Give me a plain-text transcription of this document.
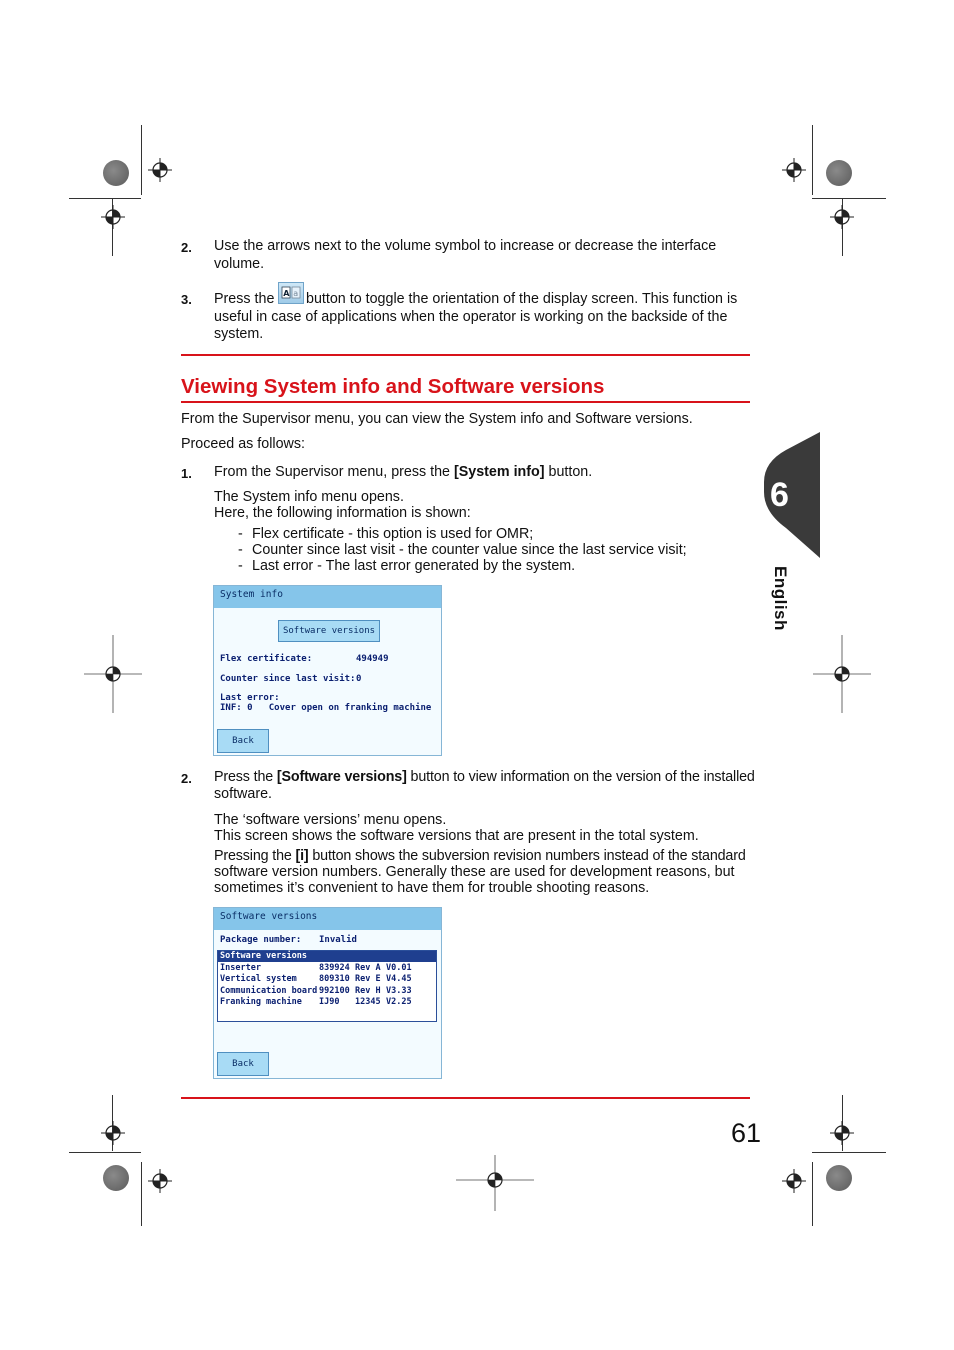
2. Use the arrows next to the volume symbol to increase or decrease the interface
volume.
3. Press the A a button to toggle the orientation of the display screen. This function is
useful in case of applications when the operator is working on the backside of the
system.
Viewing System info and Software versions
From the Supervisor menu, you can view the System info and Software versions.
Proceed as follows:
1. From the Supervisor menu, press the [System info] button.
The System info menu opens.
Here, the following information is shown:
- Flex certificate - this option is used for OMR;
- Counter since last visit - the counter value since the last service visit;
- Last error - The last error generated by the system.
System info
Software versions
Flex certificate:	494949
Counter since last visit: 0
Last error:
INF: 0   Cover open on franking machine
Back
2. Press the [Software versions] button to view information on the version of the installed
software.
The ‘software versions’ menu opens.
This screen shows the software versions that are present in the total system.
Pressing the [i] button shows the subversion revision numbers instead of the standard
software version numbers. Generally these are used for development reasons, but
sometimes it’s convenient to have them for trouble shooting reasons.
Software versions
Package number: Invalid
Software versions
Inserter	839924 Rev A V0.01
Vertical system	809310 Rev E V4.45
Communication board 992100 Rev H V3.33
Franking machine IJ90 12345 V2.25
Back
61
6
English
